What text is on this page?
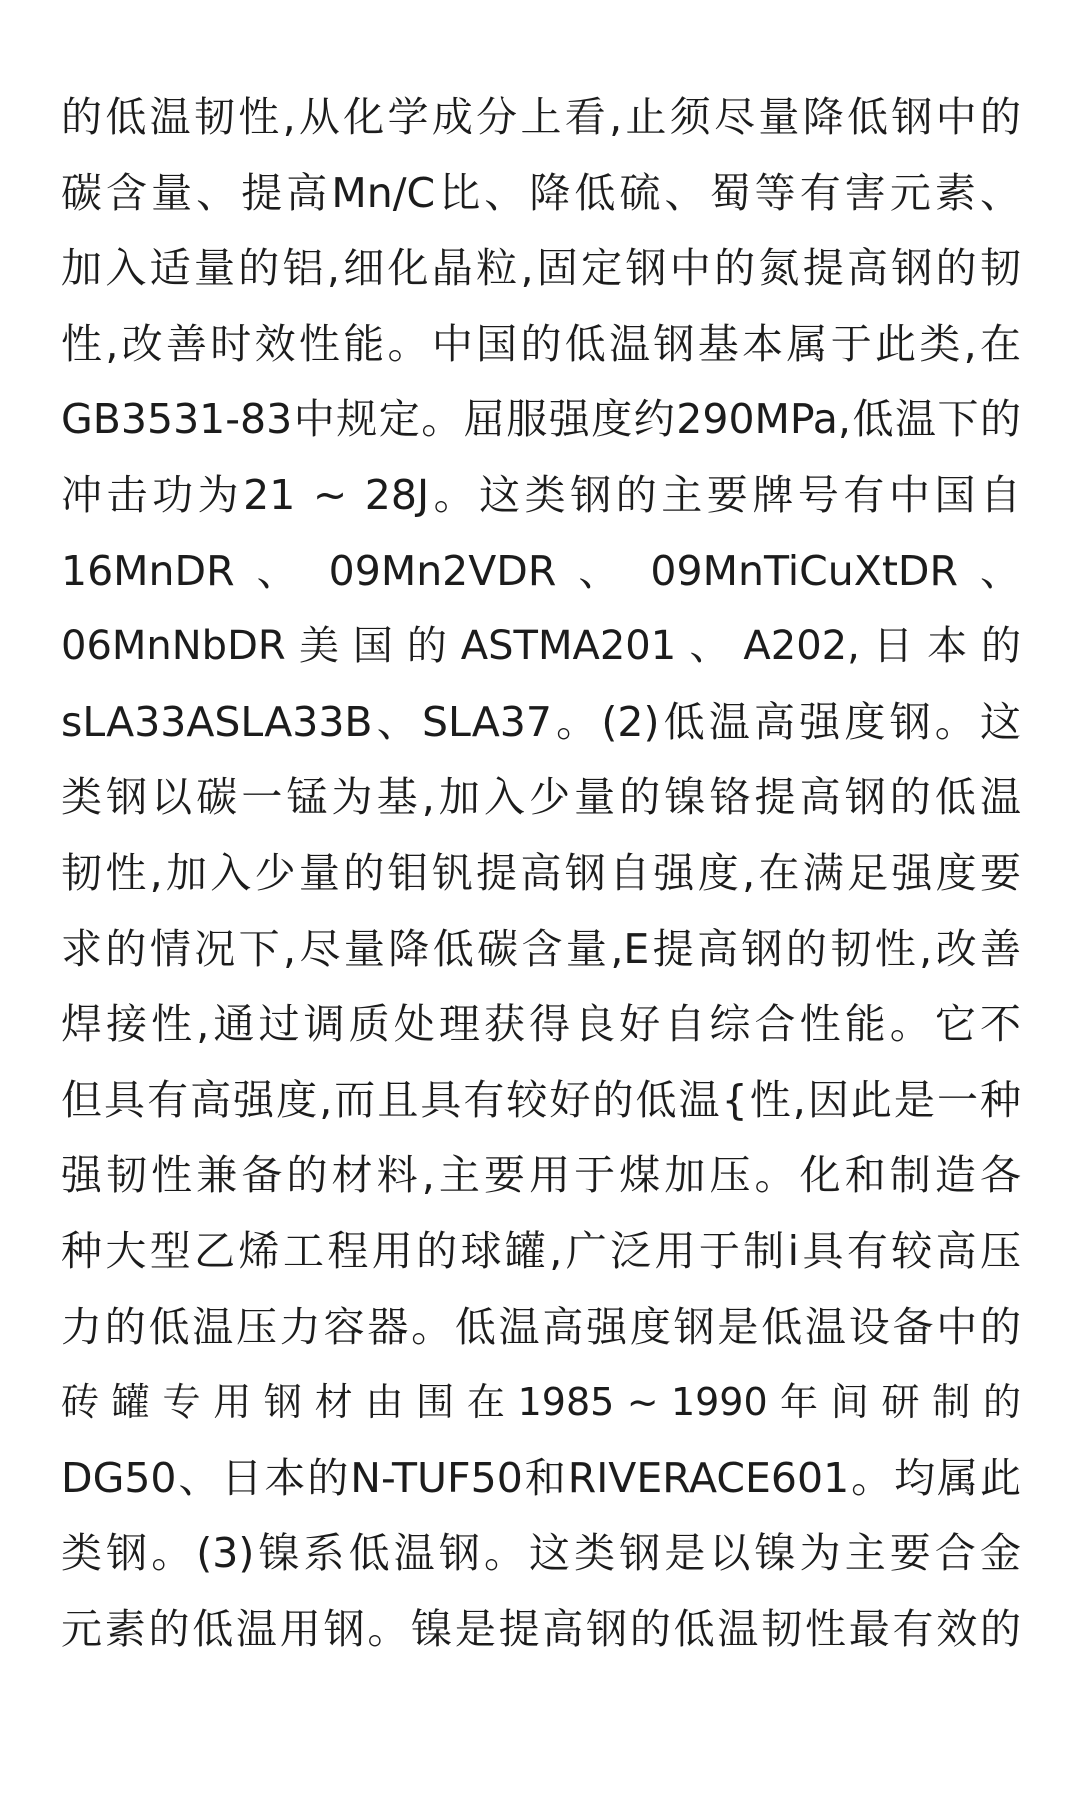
的低温韧性,从化学成分上看,止须尽量降低钢中的
碳含量、提高Mn/C比、降低硫、蜀等有害元素、
加入适量的铝,细化晶粒,固定钢中的氮提高钢的韧
性,改善时效性能。中国的低温钢基本属于此类,在
GB3531-83中规定。屈服强度约290MPa,低温下的
冲击功为21 ~ 28J。这类钢的主要牌号有中国自
16MnDR 、 09Mn2VDR 、 09MnTiCuXtDR 、
06MnNbDR 美 国 的 ASTMA201 、 A202, 日 本 的
sLA33ASLA33B、SLA37。(2)低温高强度钢。这
类钢以碳一锰为基,加入少量的镍铬提高钢的低温
韧性,加入少量的钼钒提高钢自强度,在满足强度要
求的情况下,尽量降低碳含量,E提高钢的韧性,改善
焊接性,通过调质处理获得良好自综合性能。它不
但具有高强度,而且具有较好的低温{性,因此是一种
强韧性兼备的材料,主要用于煤加压。化和制造各
种大型乙烯工程用的球罐,广泛用于制i具有较高压
力的低温压力容器。低温高强度钢是低温设备中的
砖 罐 专 用 钢 材 由 围 在 1985 ~ 1990 年 间 研 制 的
DG50、日本的N-TUF50和RIVERACE601。均属此
类钢。(3)镍系低温钢。这类钢是以镍为主要合金
元素的低温用钢。镍是提高钢的低温韧性最有效的
